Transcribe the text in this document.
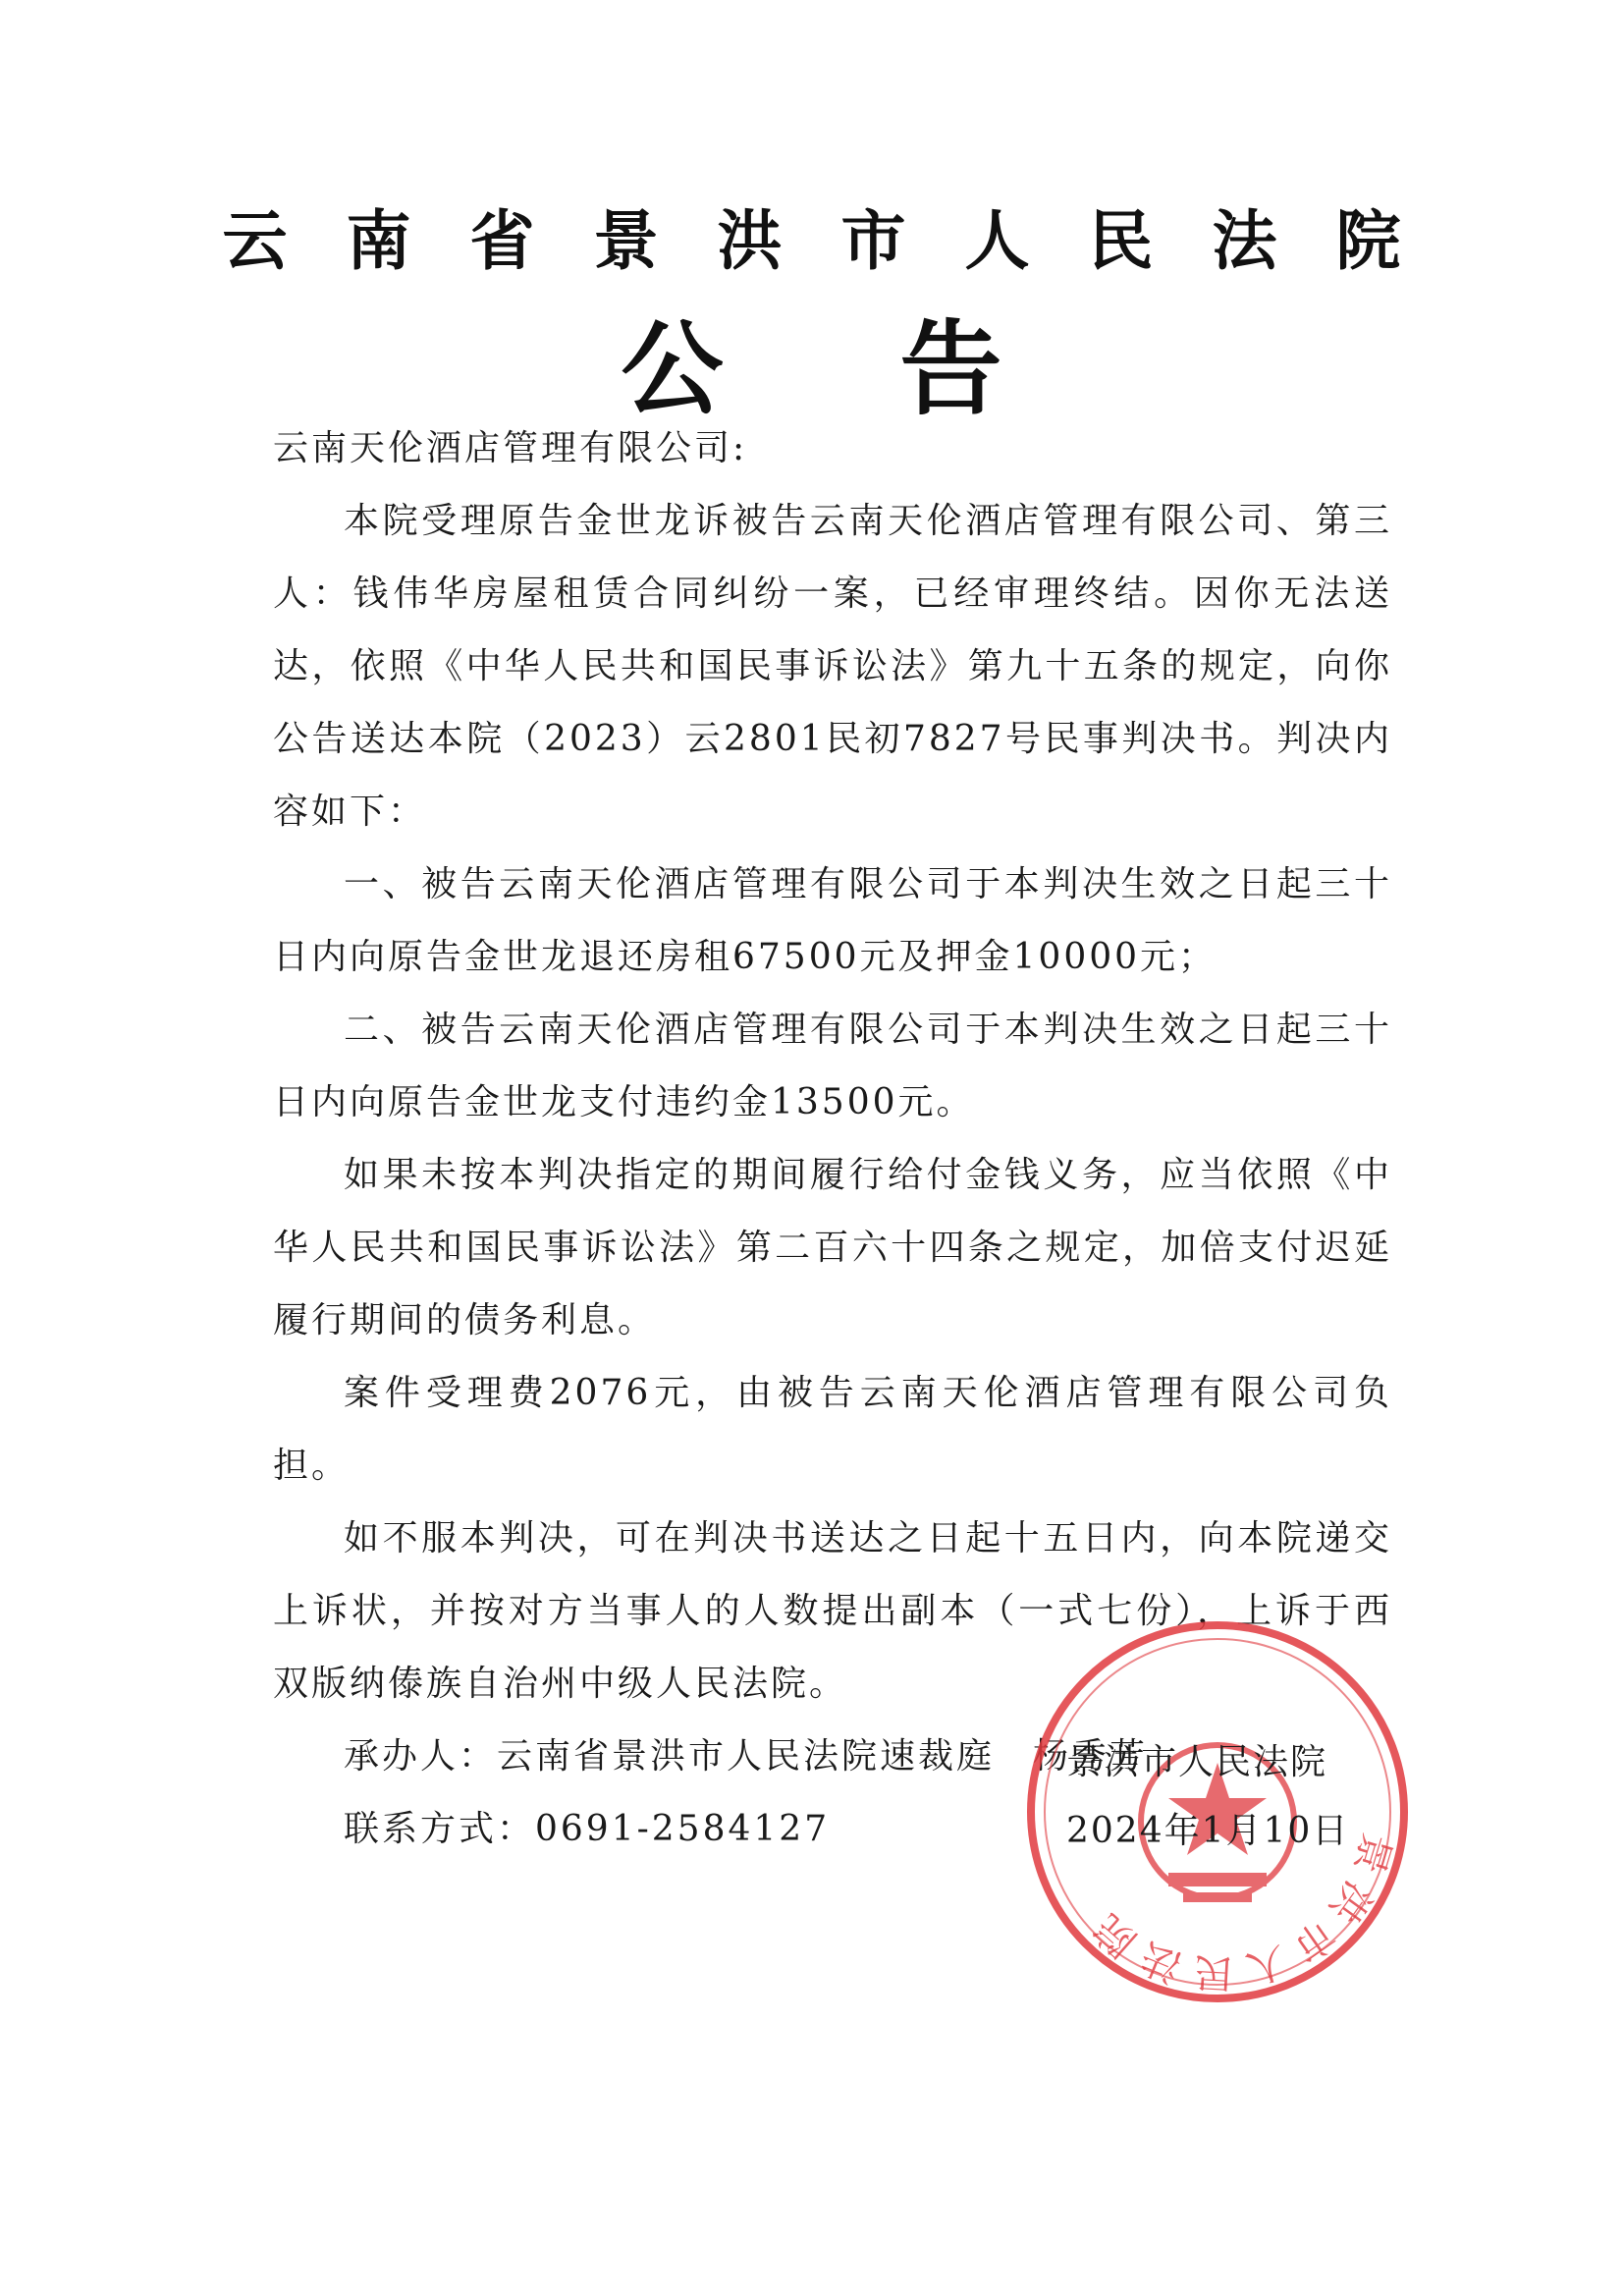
云南省景洪市人民法院
公告

云南天伦酒店管理有限公司:

本院受理原告金世龙诉被告云南天伦酒店管理有限公司、第三人：钱伟华房屋租赁合同纠纷一案，已经审理终结。因你无法送达，依照《中华人民共和国民事诉讼法》第九十五条的规定，向你公告送达本院（2023）云2801民初7827号民事判决书。判决内容如下：

一、被告云南天伦酒店管理有限公司于本判决生效之日起三十日内向原告金世龙退还房租67500元及押金10000元；

二、被告云南天伦酒店管理有限公司于本判决生效之日起三十日内向原告金世龙支付违约金13500元。

如果未按本判决指定的期间履行给付金钱义务，应当依照《中华人民共和国民事诉讼法》第二百六十四条之规定，加倍支付迟延履行期间的债务利息。

案件受理费2076元，由被告云南天伦酒店管理有限公司负担。

如不服本判决，可在判决书送达之日起十五日内，向本院递交上诉状，并按对方当事人的人数提出副本（一式七份），上诉于西双版纳傣族自治州中级人民法院。

承办人：云南省景洪市人民法院速裁庭　杨秀芳

联系方式：0691-2584127	景洪市人民法院

景洪市人民法院

2024年1月10日
